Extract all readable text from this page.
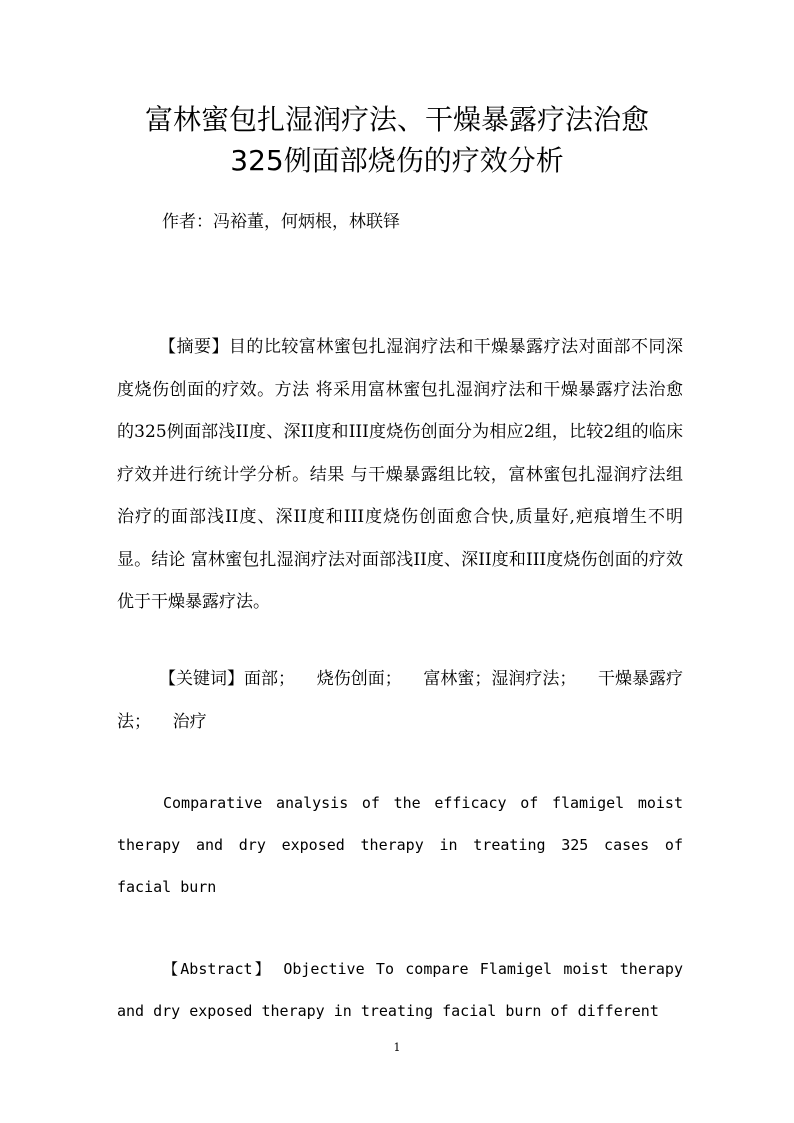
富林蜜包扎湿润疗法、干燥暴露疗法治愈
325例面部烧伤的疗效分析
作者：冯裕董，何炳根，林联铎

【摘要】目的比较富林蜜包扎湿润疗法和干燥暴露疗法对面部不同深度烧伤创面的疗效。方法 将采用富林蜜包扎湿润疗法和干燥暴露疗法治愈的325例面部浅II度、深II度和III度烧伤创面分为相应2组，比较2组的临床疗效并进行统计学分析。结果 与干燥暴露组比较，富林蜜包扎湿润疗法组治疗的面部浅II度、深II度和III度烧伤创面愈合快,质量好,疤痕增生不明显。结论 富林蜜包扎湿润疗法对面部浅II度、深II度和III度烧伤创面的疗效优于干燥暴露疗法。

【关键词】面部； 烧伤创面； 富林蜜；湿润疗法； 干燥暴露疗法； 治疗

Comparative analysis of the efficacy of flamigel moist therapy and dry exposed therapy in treating 325 cases of facial burn

【Abstract】 Objective To compare Flamigel moist therapy and dry exposed therapy in treating facial burn of different

1
